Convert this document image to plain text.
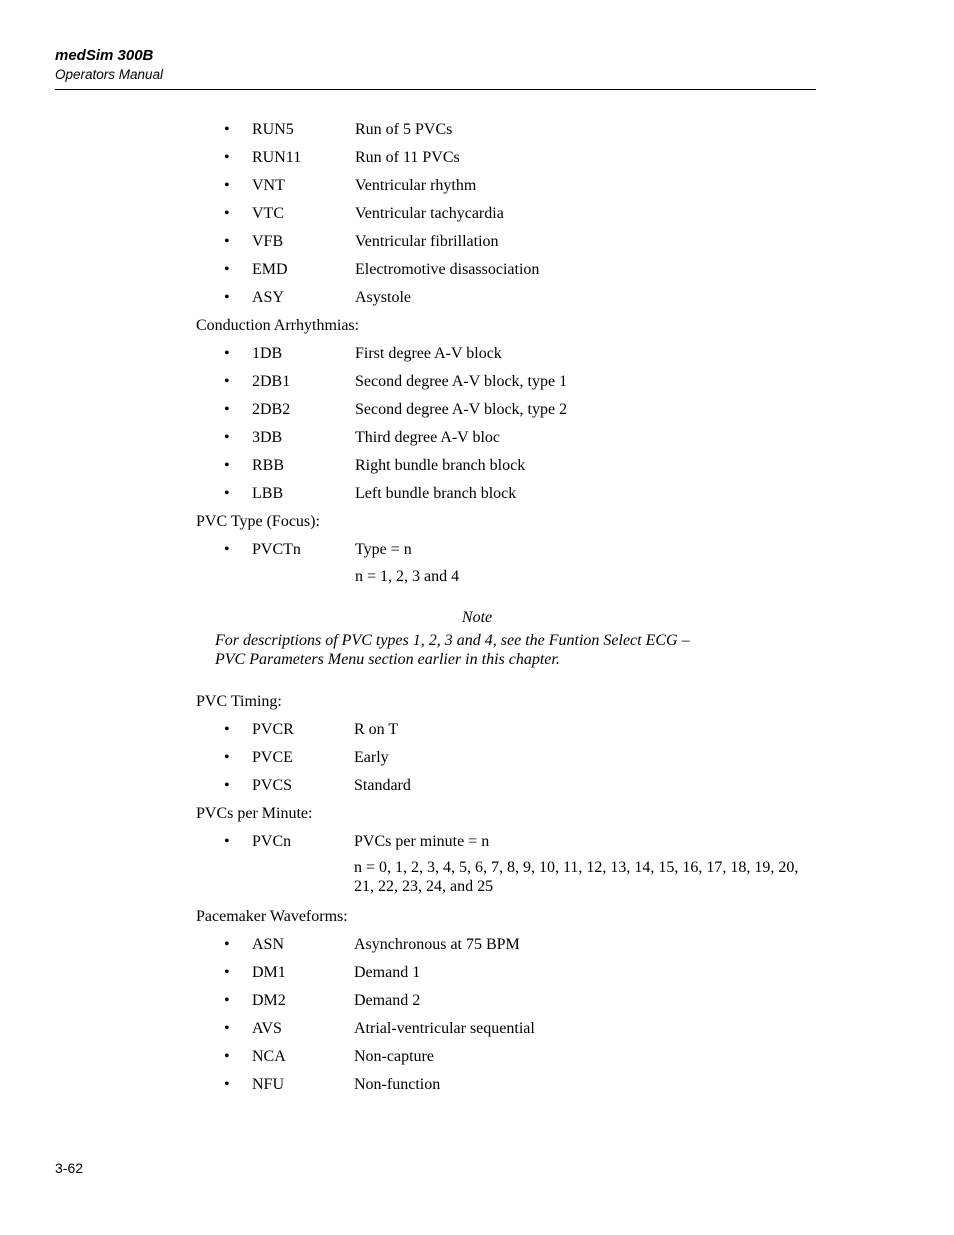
medSim 300B
Operators Manual
• RUN5	Run of 5 PVCs
• RUN11	Run of 11 PVCs
• VNT	Ventricular rhythm
• VTC	Ventricular tachycardia
• VFB	Ventricular fibrillation
• EMD	Electromotive disassociation
• ASY	Asystole
Conduction Arrhythmias:
• 1DB	First degree A-V block
• 2DB1	Second degree A-V block, type 1
• 2DB2	Second degree A-V block, type 2
• 3DB	Third degree A-V bloc
• RBB	Right bundle branch block
• LBB	Left bundle branch block
PVC Type (Focus):
• PVCTn	Type = n
n = 1, 2, 3 and 4
Note
For descriptions of PVC types 1, 2, 3 and 4, see the Funtion Select ECG – PVC Parameters Menu section earlier in this chapter.
PVC Timing:
• PVCR	R on T
• PVCE	Early
• PVCS	Standard
PVCs per Minute:
• PVCn	PVCs per minute = n
n = 0, 1, 2, 3, 4, 5, 6, 7, 8, 9, 10, 11, 12, 13, 14, 15, 16, 17, 18, 19, 20, 21, 22, 23, 24, and 25
Pacemaker Waveforms:
• ASN	Asynchronous at 75 BPM
• DM1	Demand 1
• DM2	Demand 2
• AVS	Atrial-ventricular sequential
• NCA	Non-capture
• NFU	Non-function
3-62
